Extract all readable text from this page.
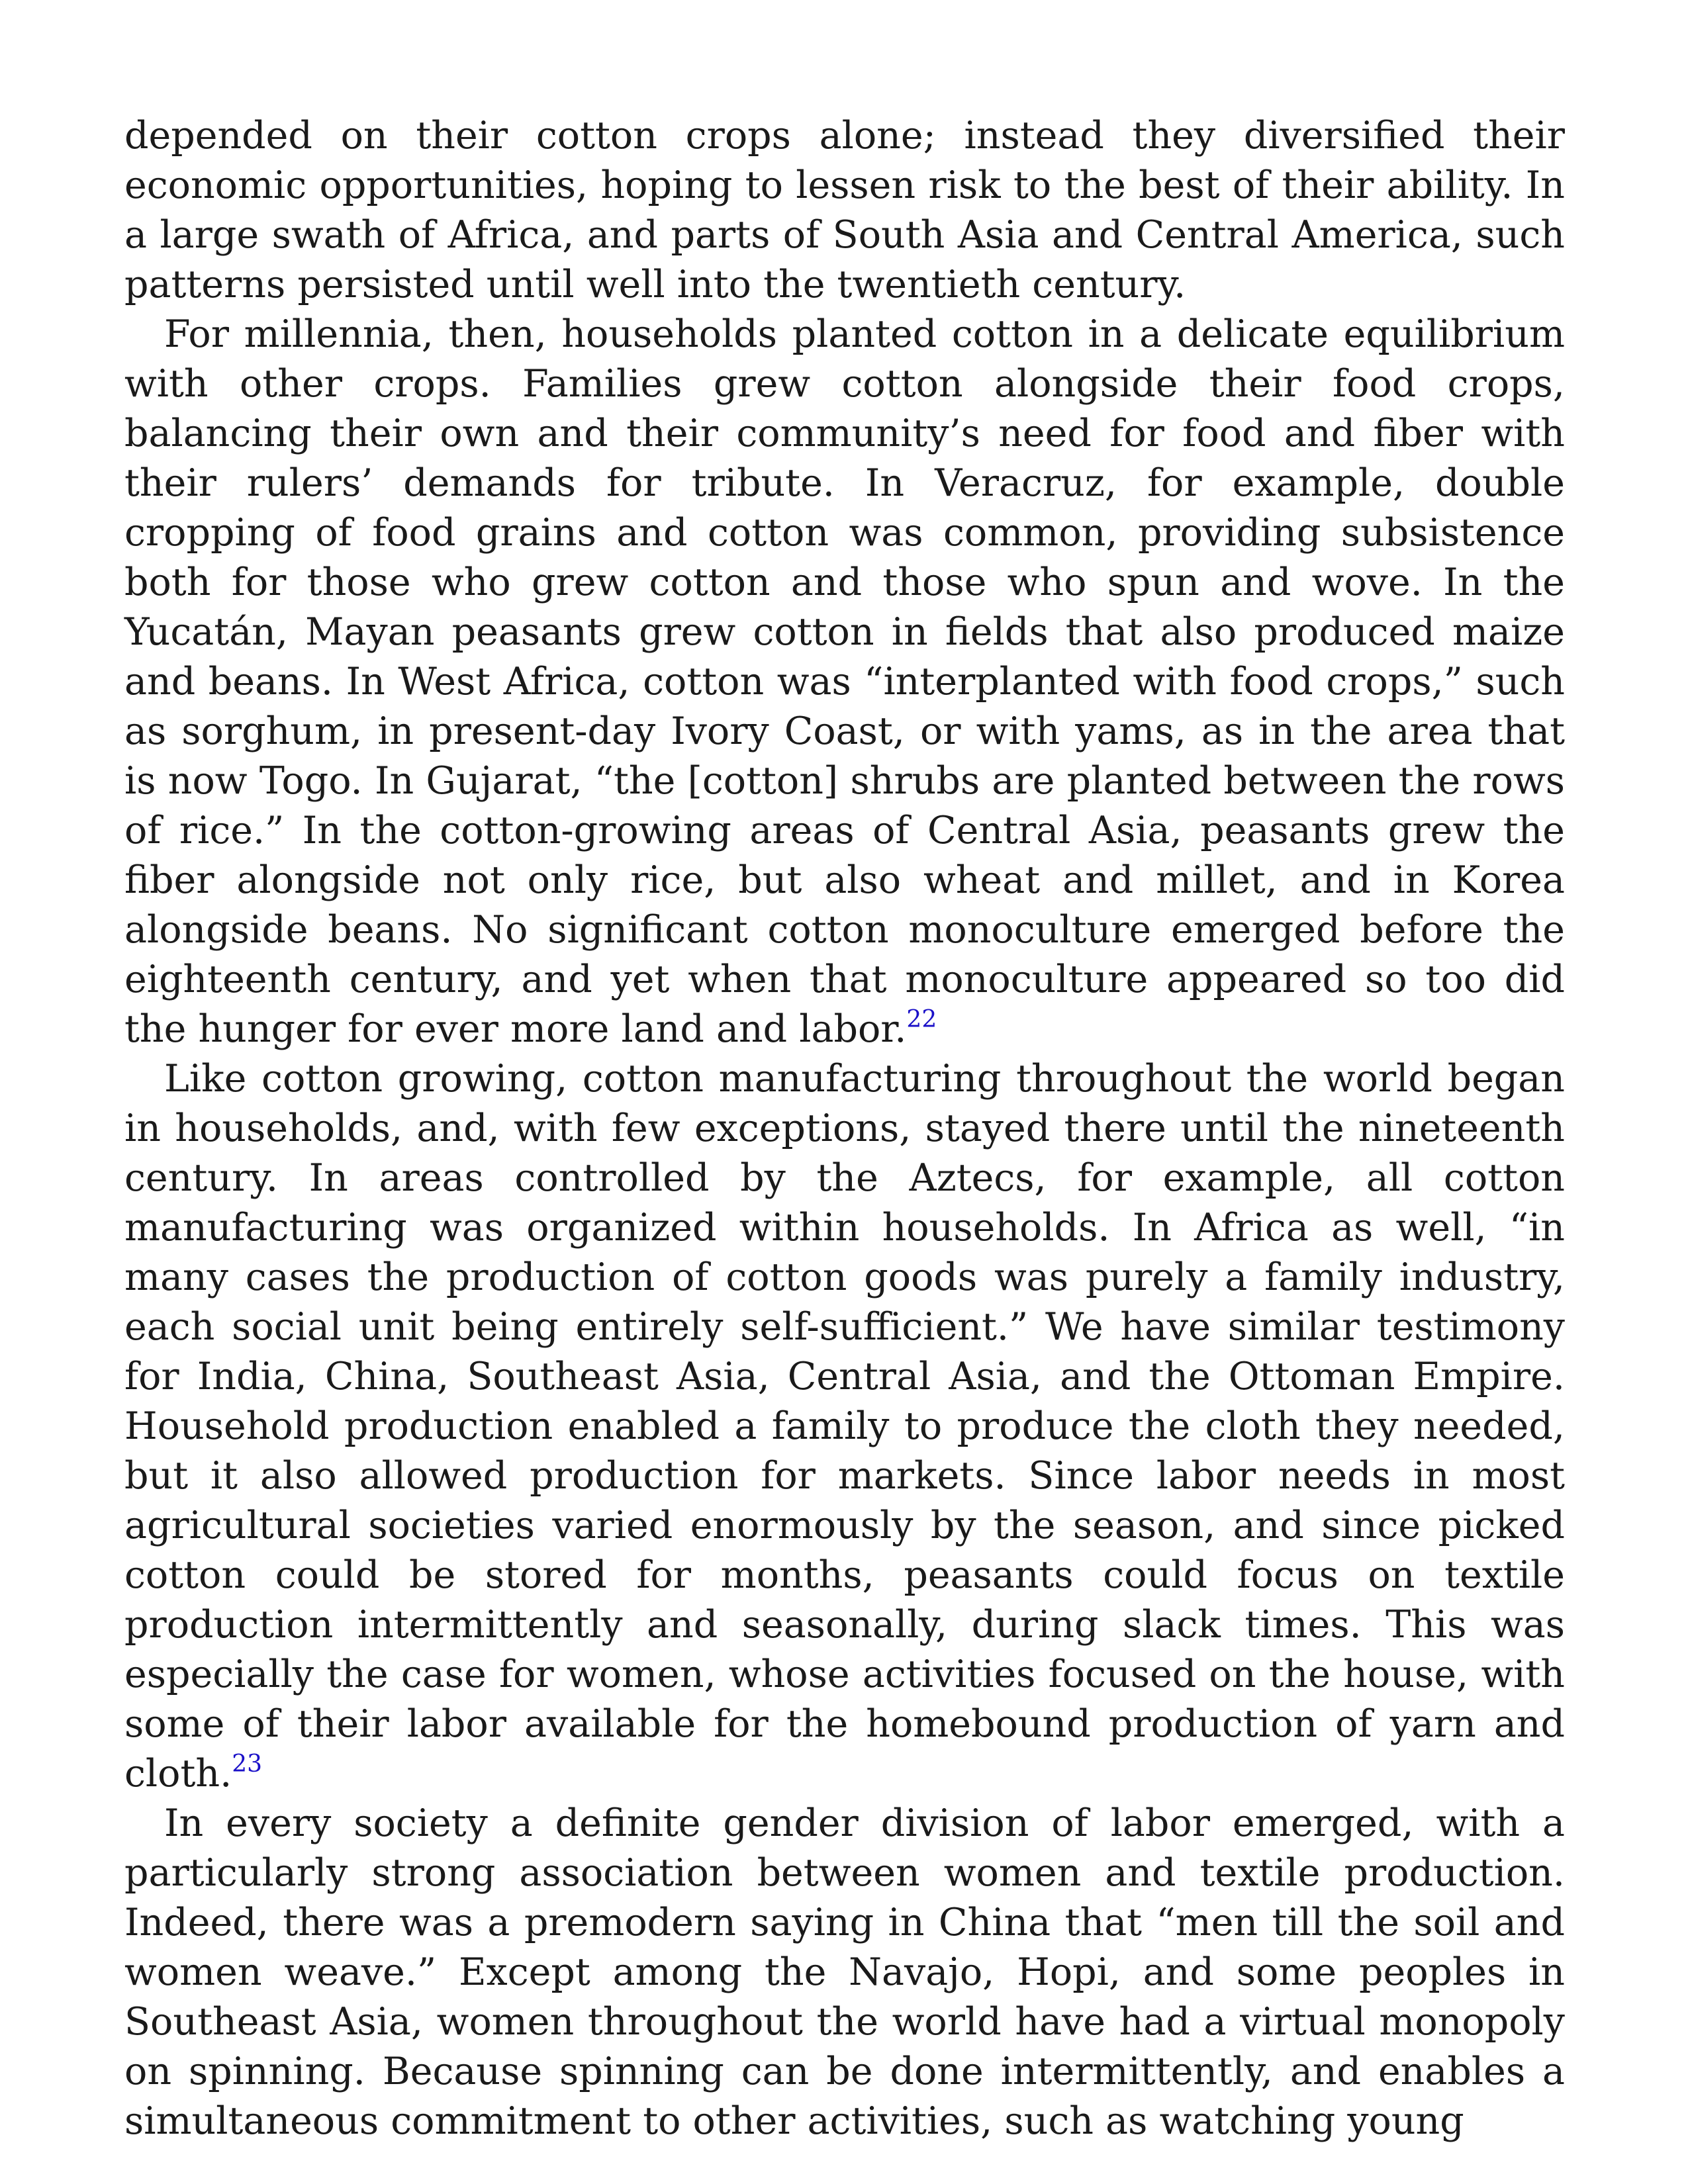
depended on their cotton crops alone; instead they diversified their economic opportunities, hoping to lessen risk to the best of their ability. In a large swath of Africa, and parts of South Asia and Central America, such patterns persisted until well into the twentieth century.

For millennia, then, households planted cotton in a delicate equilibrium with other crops. Families grew cotton alongside their food crops, balancing their own and their community’s need for food and fiber with their rulers’ demands for tribute. In Veracruz, for example, double cropping of food grains and cotton was common, providing subsistence both for those who grew cotton and those who spun and wove. In the Yucatán, Mayan peasants grew cotton in fields that also produced maize and beans. In West Africa, cotton was “interplanted with food crops,” such as sorghum, in present-day Ivory Coast, or with yams, as in the area that is now Togo. In Gujarat, “the [cotton] shrubs are planted between the rows of rice.” In the cotton-growing areas of Central Asia, peasants grew the fiber alongside not only rice, but also wheat and millet, and in Korea alongside beans. No significant cotton monoculture emerged before the eighteenth century, and yet when that monoculture appeared so too did the hunger for ever more land and labor.$^{22}$

Like cotton growing, cotton manufacturing throughout the world began in households, and, with few exceptions, stayed there until the nineteenth century. In areas controlled by the Aztecs, for example, all cotton manufacturing was organized within households. In Africa as well, “in many cases the production of cotton goods was purely a family industry, each social unit being entirely self-sufficient.” We have similar testimony for India, China, Southeast Asia, Central Asia, and the Ottoman Empire. Household production enabled a family to produce the cloth they needed, but it also allowed production for markets. Since labor needs in most agricultural societies varied enormously by the season, and since picked cotton could be stored for months, peasants could focus on textile production intermittently and seasonally, during slack times. This was especially the case for women, whose activities focused on the house, with some of their labor available for the homebound production of yarn and cloth.$^{23}$

In every society a definite gender division of labor emerged, with a particularly strong association between women and textile production. Indeed, there was a premodern saying in China that “men till the soil and women weave.” Except among the Navajo, Hopi, and some peoples in Southeast Asia, women throughout the world have had a virtual monopoly on spinning. Because spinning can be done intermittently, and enables a simultaneous commitment to other activities, such as watching young
